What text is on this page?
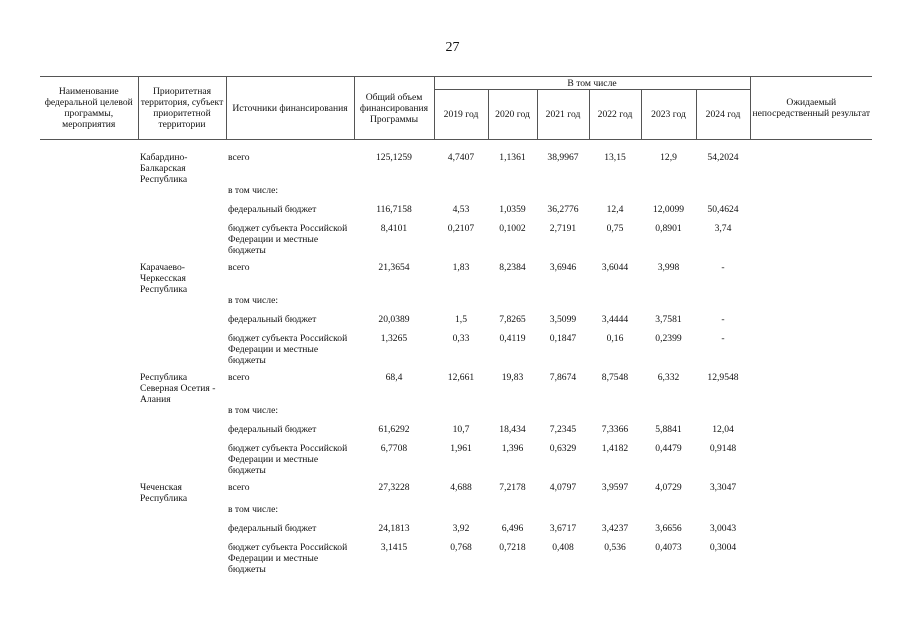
27
Наименование федеральной целевой программы, мероприятия	Приоритетная территория, субъект приоритетной территории	Источники финансирования	Общий объем финансирования Программы	В том числе						Ожидаемый непосредственный результат
				2019 год	2020 год	2021 год	2022 год	2023 год	2024 год	
	Кабардино-Балкарская Республика	всего	125,1259	4,7407	1,1361	38,9967	13,15	12,9	54,2024	
		в том числе:								
		федеральный бюджет	116,7158	4,53	1,0359	36,2776	12,4	12,0099	50,4624	
		бюджет субъекта Российской Федерации и местные бюджеты	8,4101	0,2107	0,1002	2,7191	0,75	0,8901	3,74	
	Карачаево-Черкесская Республика	всего	21,3654	1,83	8,2384	3,6946	3,6044	3,998	-	
		в том числе:								
		федеральный бюджет	20,0389	1,5	7,8265	3,5099	3,4444	3,7581	-	
		бюджет субъекта Российской Федерации и местные бюджеты	1,3265	0,33	0,4119	0,1847	0,16	0,2399	-	
	Республика Северная Осетия - Алания	всего	68,4	12,661	19,83	7,8674	8,7548	6,332	12,9548	
		в том числе:								
		федеральный бюджет	61,6292	10,7	18,434	7,2345	7,3366	5,8841	12,04	
		бюджет субъекта Российской Федерации и местные бюджеты	6,7708	1,961	1,396	0,6329	1,4182	0,4479	0,9148	
	Чеченская Республика	всего	27,3228	4,688	7,2178	4,0797	3,9597	4,0729	3,3047	
		в том числе:								
		федеральный бюджет	24,1813	3,92	6,496	3,6717	3,4237	3,6656	3,0043	
		бюджет субъекта Российской Федерации и местные бюджеты	3,1415	0,768	0,7218	0,408	0,536	0,4073	0,3004	
